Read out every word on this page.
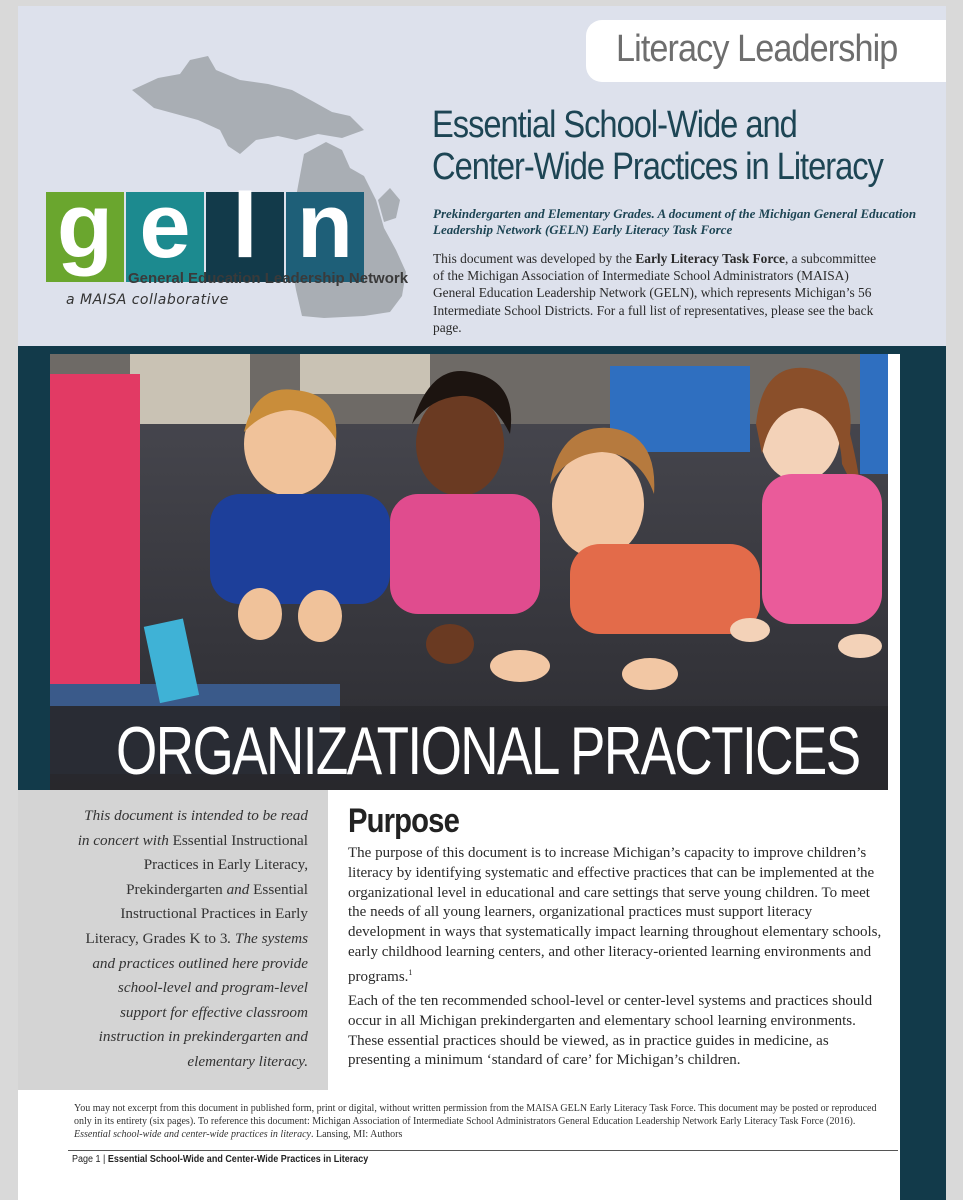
Literacy Leadership
g e l n
General Education Leadership Network
a MAISA collaborative
Essential School-Wide and
Center-Wide Practices in Literacy
Prekindergarten and Elementary Grades. A document of the Michigan General Education Leadership Network (GELN) Early Literacy Task Force
This document was developed by the Early Literacy Task Force, a subcommittee of the Michigan Association of Intermediate School Administrators (MAISA) General Education Leadership Network (GELN), which represents Michigan’s 56 Intermediate School Districts. For a full list of representatives, please see the back page.
ORGANIZATIONAL PRACTICES
This document is intended to be read in concert with Essential Instructional Practices in Early Literacy, Prekindergarten and Essential Instructional Practices in Early Literacy, Grades K to 3. The systems and practices outlined here provide school-level and program-level support for effective classroom instruction in prekindergarten and elementary literacy.
Purpose
The purpose of this document is to increase Michigan’s capacity to improve children’s literacy by identifying systematic and effective practices that can be implemented at the organizational level in educational and care settings that serve young children. To meet the needs of all young learners, organizational practices must support literacy development in ways that systematically impact learning throughout elementary schools, early childhood learning centers, and other literacy-oriented learning environments and programs.$^1$
Each of the ten recommended school-level or center-level systems and practices should occur in all Michigan prekindergarten and elementary school learning environments. These essential practices should be viewed, as in practice guides in medicine, as presenting a minimum ‘standard of care’ for Michigan’s children.
You may not excerpt from this document in published form, print or digital, without written permission from the MAISA GELN Early Literacy Task Force. This document may be posted or reproduced only in its entirety (six pages). To reference this document: Michigan Association of Intermediate School Administrators General Education Leadership Network Early Literacy Task Force (2016). Essential school-wide and center-wide practices in literacy. Lansing, MI: Authors
Page 1 | Essential School-Wide and Center-Wide Practices in Literacy
